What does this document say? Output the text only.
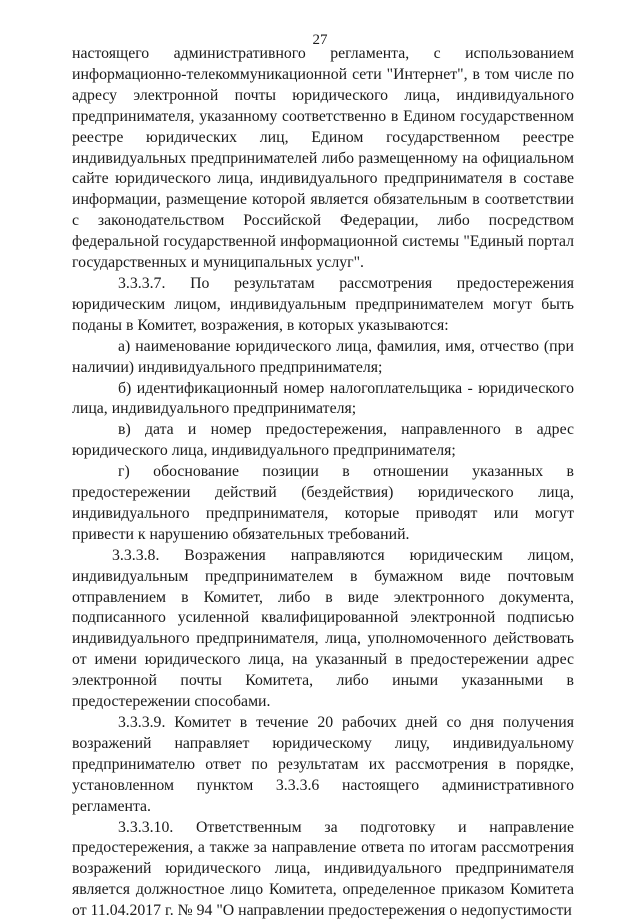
27

настоящего административного регламента, с использованием информационно-телекоммуникационной сети "Интернет", в том числе по адресу электронной почты юридического лица, индивидуального предпринимателя, указанному соответственно в Едином государственном реестре юридических лиц, Едином государственном реестре индивидуальных предпринимателей либо размещенному на официальном сайте юридического лица, индивидуального предпринимателя в составе информации, размещение которой является обязательным в соответствии с законодательством Российской Федерации, либо посредством федеральной государственной информационной системы "Единый портал государственных и муниципальных услуг".

3.3.3.7. По результатам рассмотрения предостережения юридическим лицом, индивидуальным предпринимателем могут быть поданы в Комитет, возражения, в которых указываются:

а) наименование юридического лица, фамилия, имя, отчество (при наличии) индивидуального предпринимателя;

б) идентификационный номер налогоплательщика - юридического лица, индивидуального предпринимателя;

в) дата и номер предостережения, направленного в адрес юридического лица, индивидуального предпринимателя;

г) обоснование позиции в отношении указанных в предостережении действий (бездействия) юридического лица, индивидуального предпринимателя, которые приводят или могут привести к нарушению обязательных требований.

3.3.3.8. Возражения направляются юридическим лицом, индивидуальным предпринимателем в бумажном виде почтовым отправлением в Комитет, либо в виде электронного документа, подписанного усиленной квалифицированной электронной подписью индивидуального предпринимателя, лица, уполномоченного действовать от имени юридического лица, на указанный в предостережении адрес электронной почты Комитета, либо иными указанными в предостережении способами.

3.3.3.9. Комитет в течение 20 рабочих дней со дня получения возражений направляет юридическому лицу, индивидуальному предпринимателю ответ по результатам их рассмотрения в порядке, установленном пунктом 3.3.3.6 настоящего административного регламента.

3.3.3.10. Ответственным за подготовку и направление предостережения, а также за направление ответа по итогам рассмотрения возражений юридического лица, индивидуального предпринимателя является должностное лицо Комитета, определенное приказом Комитета от 11.04.2017 г. № 94 "О направлении предостережения о недопустимости
